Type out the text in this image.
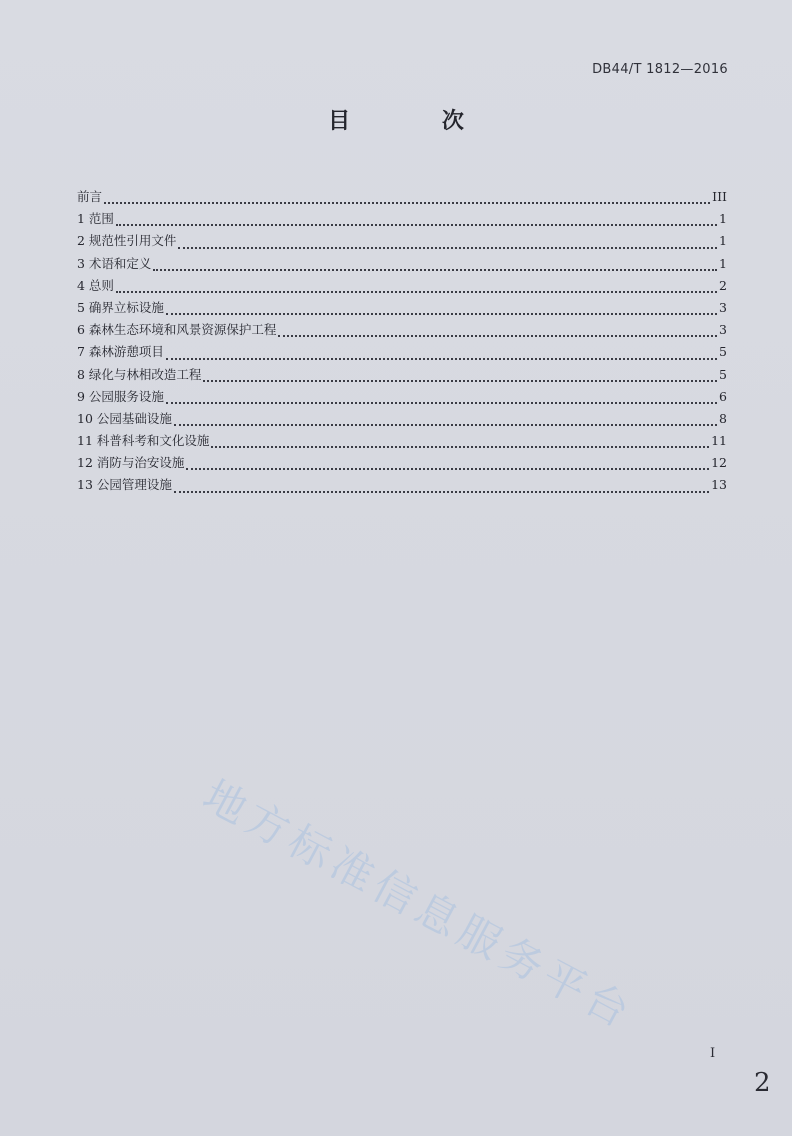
DB44/T 1812—2016
目 次
前言	III
1 范围	1
2 规范性引用文件	1
3 术语和定义	1
4 总则	2
5 确界立标设施	3
6 森林生态环境和风景资源保护工程	3
7 森林游憩项目	5
8 绿化与林相改造工程	5
9 公园服务设施	6
10 公园基础设施	8
11 科普科考和文化设施	11
12 消防与治安设施	12
13 公园管理设施	13
地方标准信息服务平台
I
2
